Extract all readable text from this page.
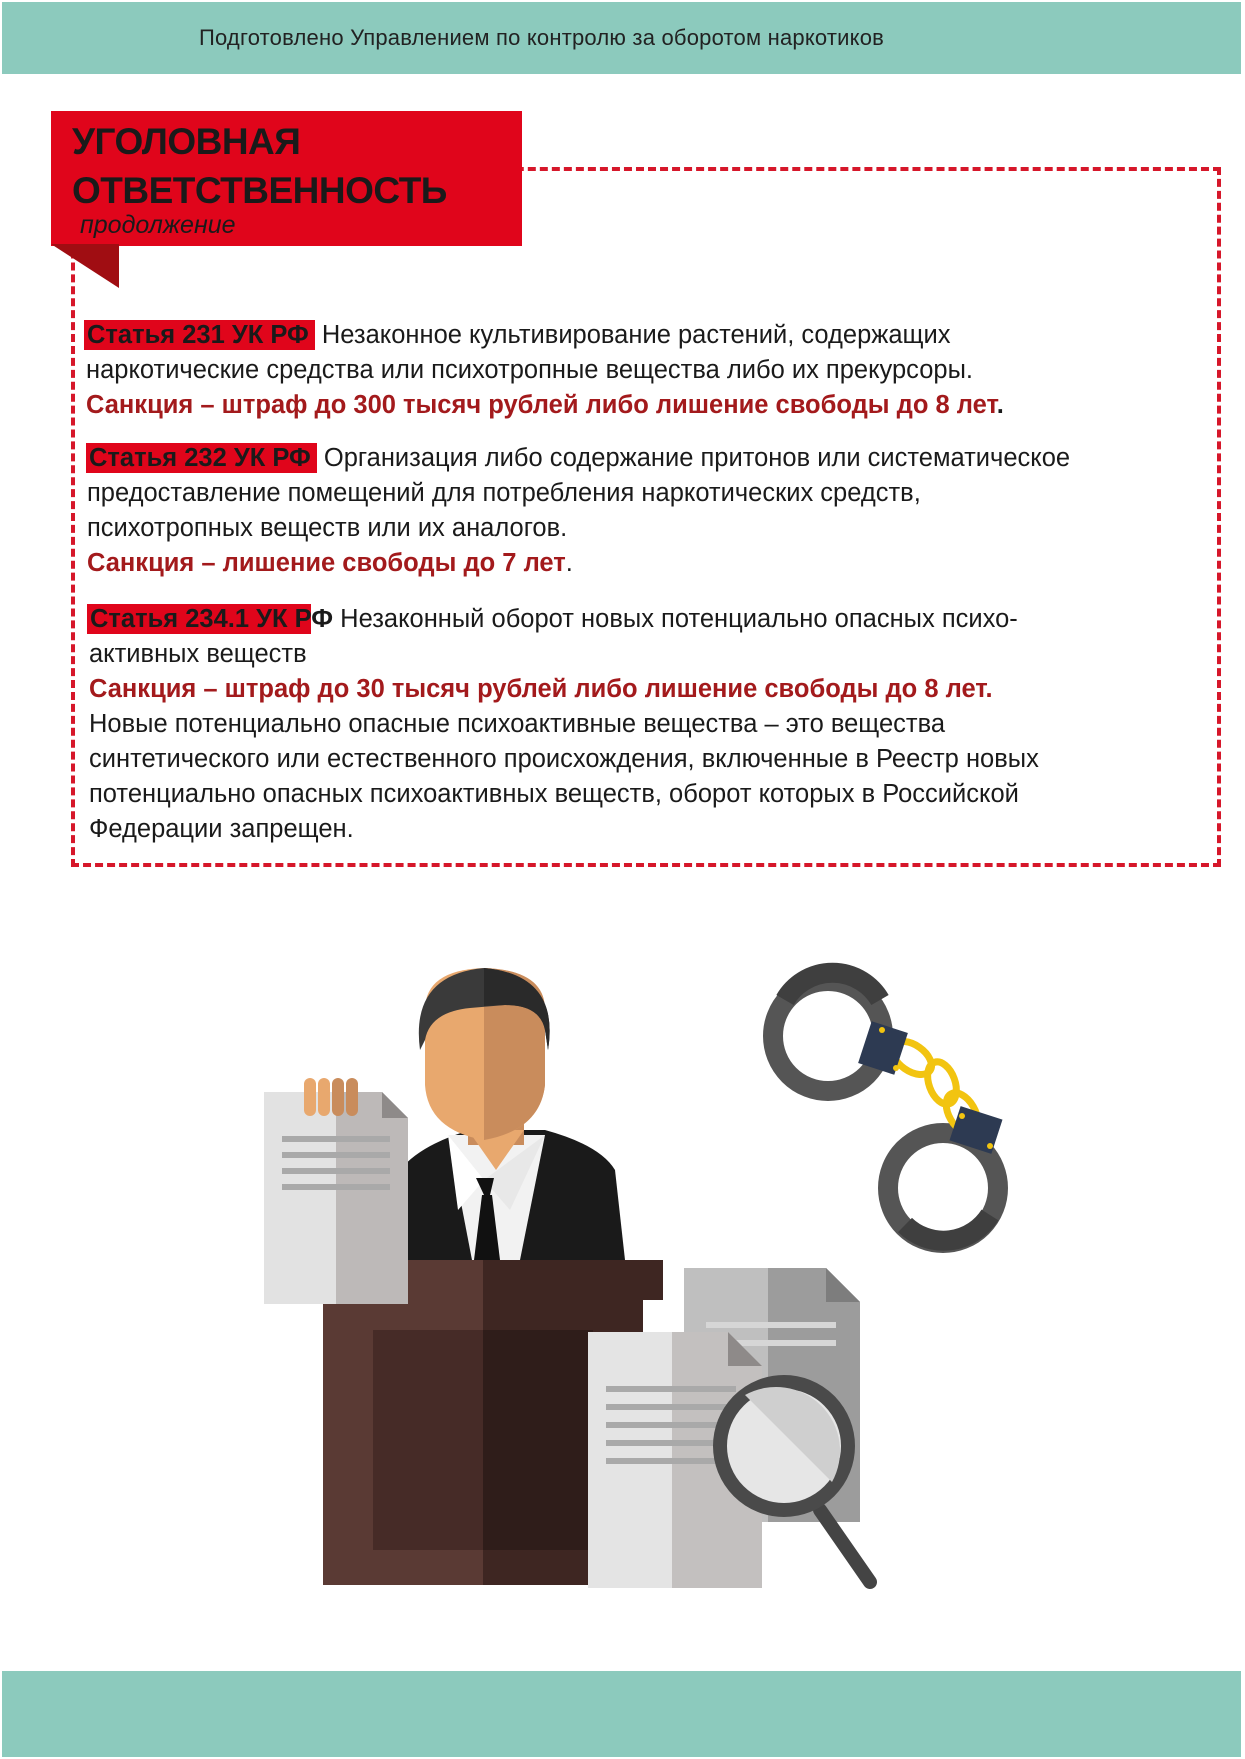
Подготовлено Управлением по контролю за оборотом наркотиков
УГОЛОВНАЯ
ОТВЕТСТВЕННОСТЬ
продолжение
Статья 231 УК РФ Незаконное культивирование растений, содержащих
наркотические средства или психотропные вещества либо их прекурсоры.
Санкция – штраф до 300 тысяч рублей либо лишение свободы до 8 лет.
Статья 232 УК РФ Организация либо содержание притонов или систематическое
предоставление помещений для потребления наркотических средств,
психотропных веществ или их аналогов.
Санкция – лишение свободы до 7 лет.
Статья 234.1 УК РФ Незаконный оборот новых потенциально опасных психо-
активных веществ
Санкция – штраф до 30 тысяч рублей либо лишение свободы до 8 лет.
Новые потенциально опасные психоактивные вещества – это вещества
синтетического или естественного происхождения, включенные в Реестр новых
потенциально опасных психоактивных веществ, оборот которых в Российской
Федерации запрещен.
